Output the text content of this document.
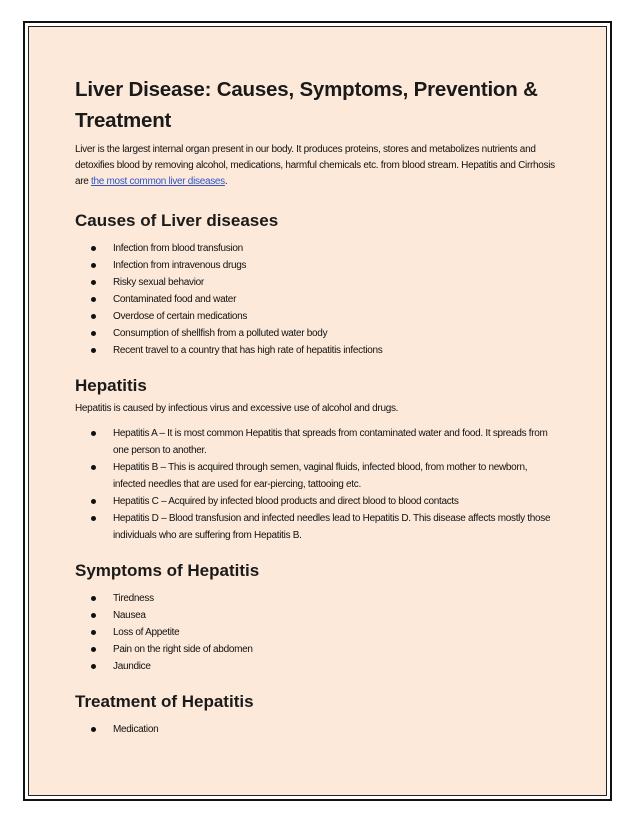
Liver Disease: Causes, Symptoms, Prevention & Treatment

Liver is the largest internal organ present in our body. It produces proteins, stores and metabolizes nutrients and detoxifies blood by removing alcohol, medications, harmful chemicals etc. from blood stream. Hepatitis and Cirrhosis are the most common liver diseases.

Causes of Liver diseases
Infection from blood transfusion
Infection from intravenous drugs
Risky sexual behavior
Contaminated food and water
Overdose of certain medications
Consumption of shellfish from a polluted water body
Recent travel to a country that has high rate of hepatitis infections
Hepatitis

Hepatitis is caused by infectious virus and excessive use of alcohol and drugs.

Hepatitis A – It is most common Hepatitis that spreads from contaminated water and food. It spreads from one person to another.
Hepatitis B – This is acquired through semen, vaginal fluids, infected blood, from mother to newborn, infected needles that are used for ear-piercing, tattooing etc.
Hepatitis C – Acquired by infected blood products and direct blood to blood contacts
Hepatitis D – Blood transfusion and infected needles lead to Hepatitis D. This disease affects mostly those individuals who are suffering from Hepatitis B.
Symptoms of Hepatitis
Tiredness
Nausea
Loss of Appetite
Pain on the right side of abdomen
Jaundice
Treatment of Hepatitis
Medication
